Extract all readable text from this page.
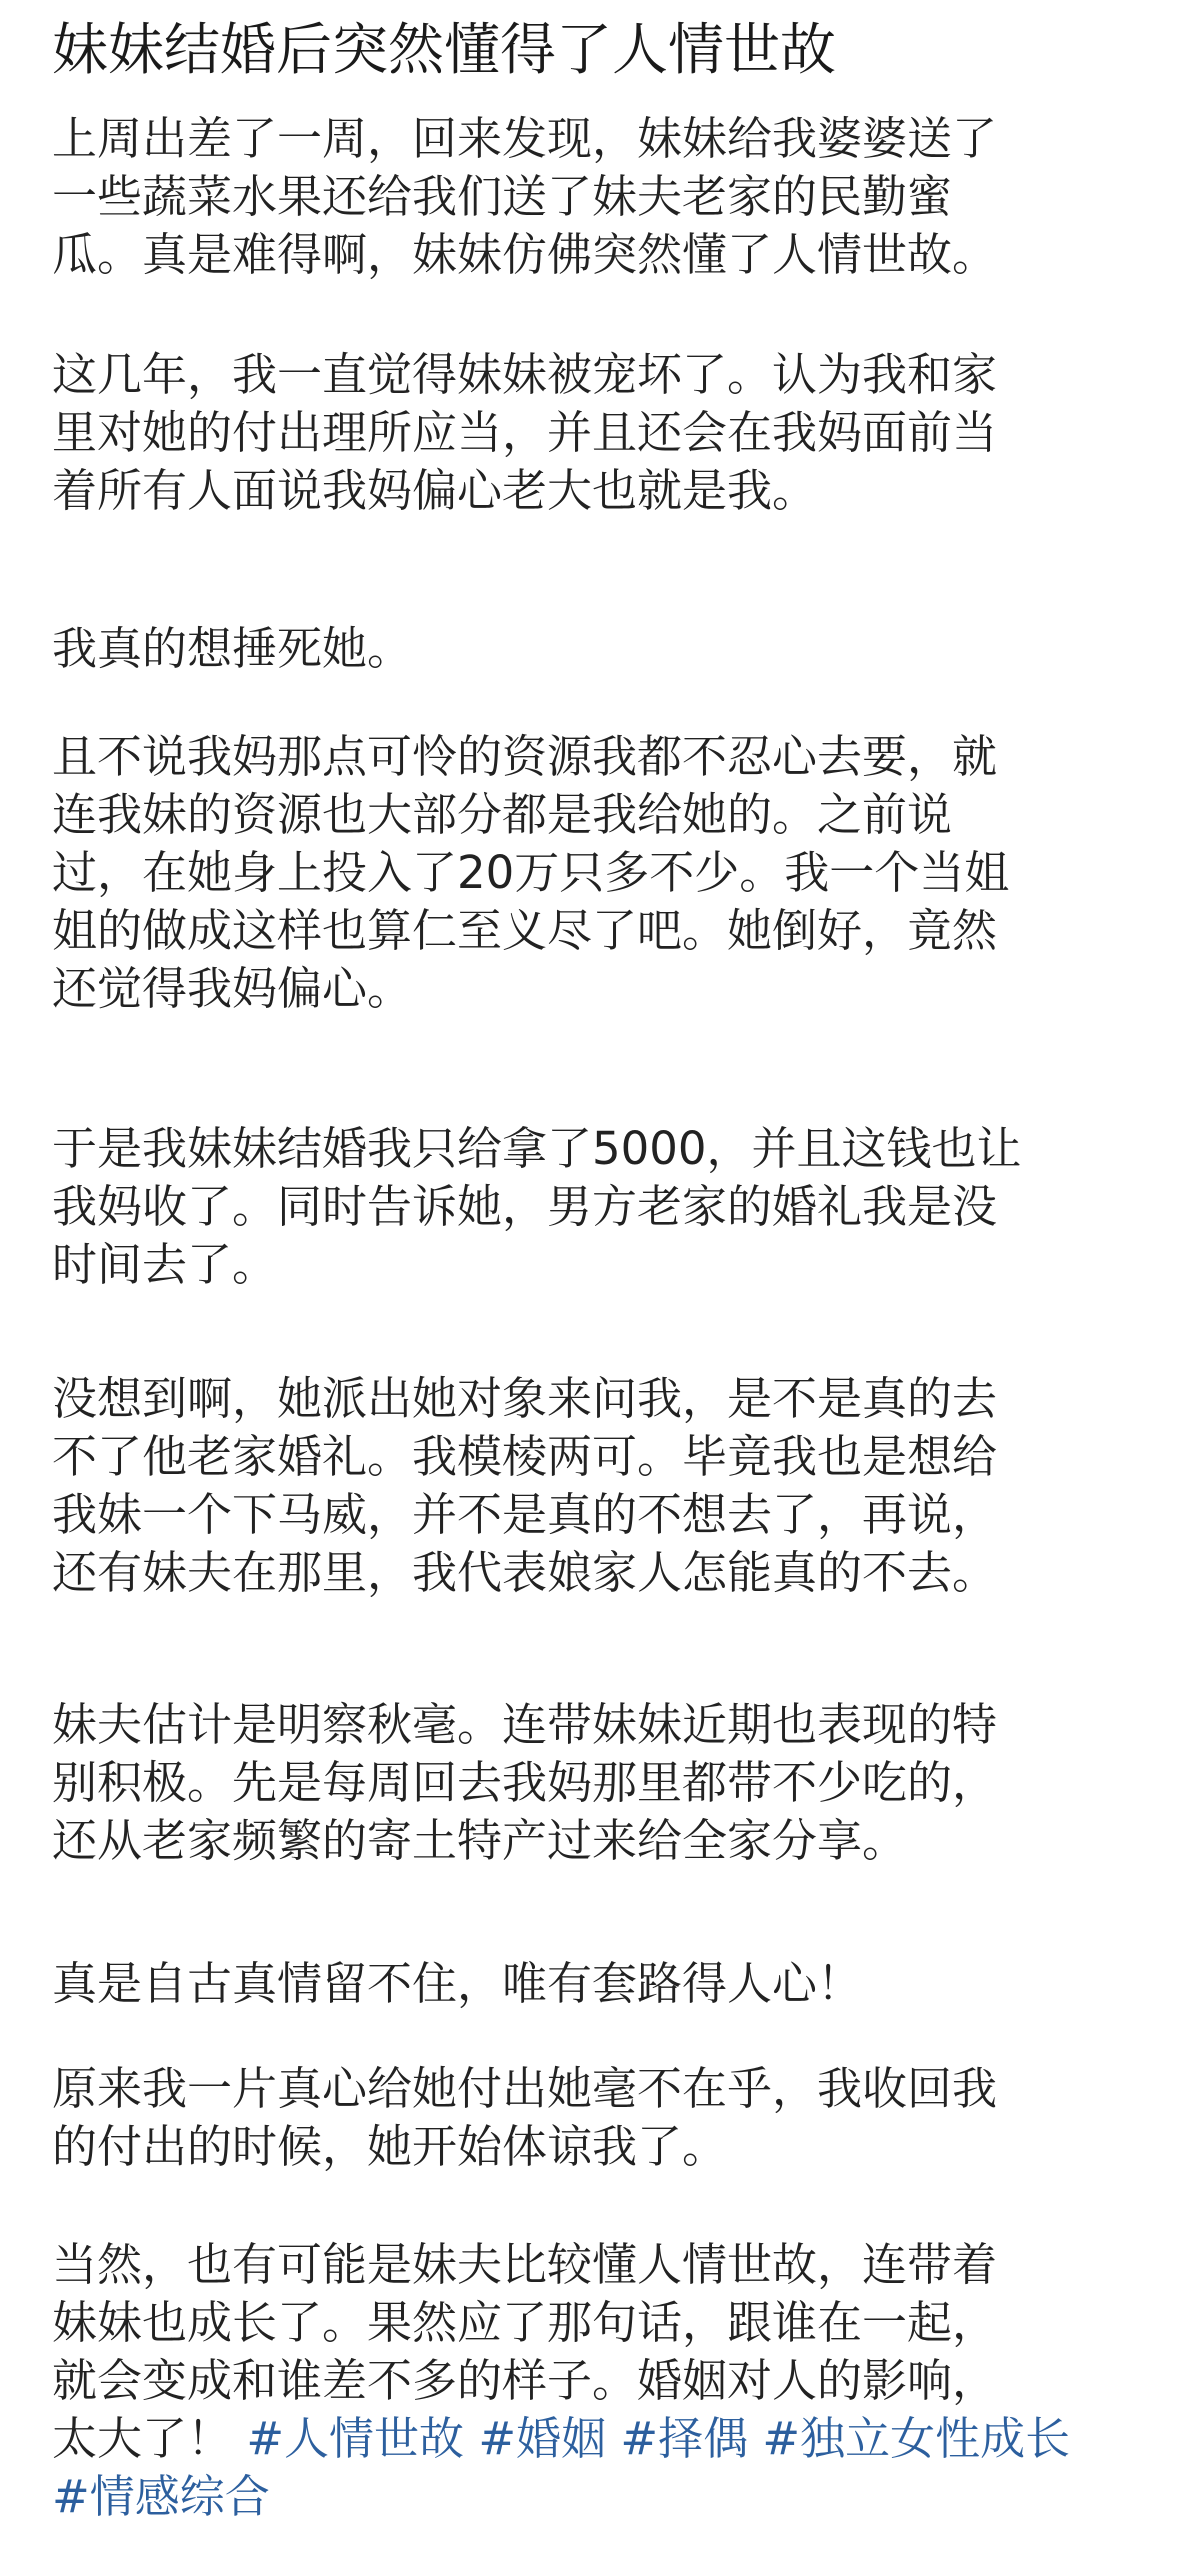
妹妹结婚后突然懂得了人情世故

上周出差了一周，回来发现，妹妹给我婆婆送了
一些蔬菜水果还给我们送了妹夫老家的民勤蜜
瓜。真是难得啊，妹妹仿佛突然懂了人情世故。

这几年，我一直觉得妹妹被宠坏了。认为我和家
里对她的付出理所应当，并且还会在我妈面前当
着所有人面说我妈偏心老大也就是我。

我真的想捶死她。

且不说我妈那点可怜的资源我都不忍心去要，就
连我妹的资源也大部分都是我给她的。之前说
过，在她身上投入了20万只多不少。我一个当姐
姐的做成这样也算仁至义尽了吧。她倒好，竟然
还觉得我妈偏心。

于是我妹妹结婚我只给拿了5000，并且这钱也让
我妈收了。同时告诉她，男方老家的婚礼我是没
时间去了。

没想到啊，她派出她对象来问我，是不是真的去
不了他老家婚礼。我模棱两可。毕竟我也是想给
我妹一个下马威，并不是真的不想去了，再说，
还有妹夫在那里，我代表娘家人怎能真的不去。

妹夫估计是明察秋毫。连带妹妹近期也表现的特
别积极。先是每周回去我妈那里都带不少吃的，
还从老家频繁的寄土特产过来给全家分享。

真是自古真情留不住，唯有套路得人心！

原来我一片真心给她付出她毫不在乎，我收回我
的付出的时候，她开始体谅我了。

当然，也有可能是妹夫比较懂人情世故，连带着
妹妹也成长了。果然应了那句话，跟谁在一起，
就会变成和谁差不多的样子。婚姻对人的影响，
太大了！ #人情世故 #婚姻 #择偶 #独立女性成长
#情感综合
